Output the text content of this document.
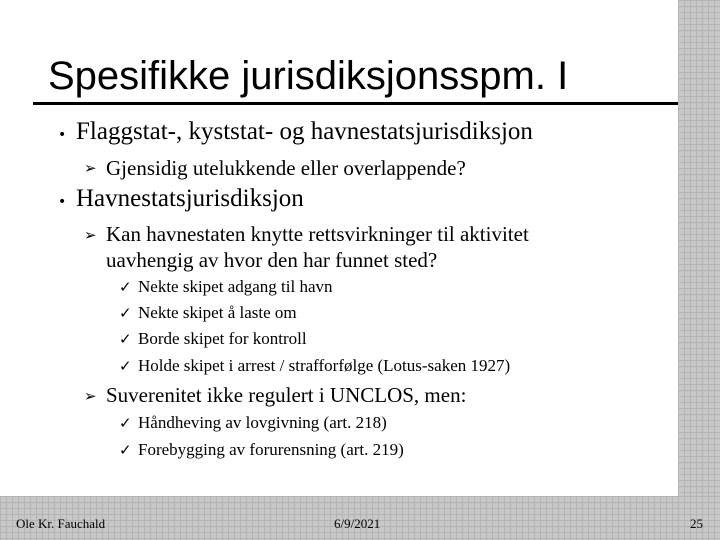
Spesifikke jurisdiksjonsspm. I
• Flaggstat-, kyststat- og havnestatsjurisdiksjon
➢ Gjensidig utelukkende eller overlappende?
• Havnestatsjurisdiksjon
➢ Kan havnestaten knytte rettsvirkninger til aktivitet
uavhengig av hvor den har funnet sted?
✓ Nekte skipet adgang til havn
✓ Nekte skipet å laste om
✓ Borde skipet for kontroll
✓ Holde skipet i arrest / strafforfølge (Lotus-saken 1927)
➢ Suverenitet ikke regulert i UNCLOS, men:
✓ Håndheving av lovgivning (art. 218)
✓ Forebygging av forurensning (art. 219)
Ole Kr. Fauchald	6/9/2021	25
